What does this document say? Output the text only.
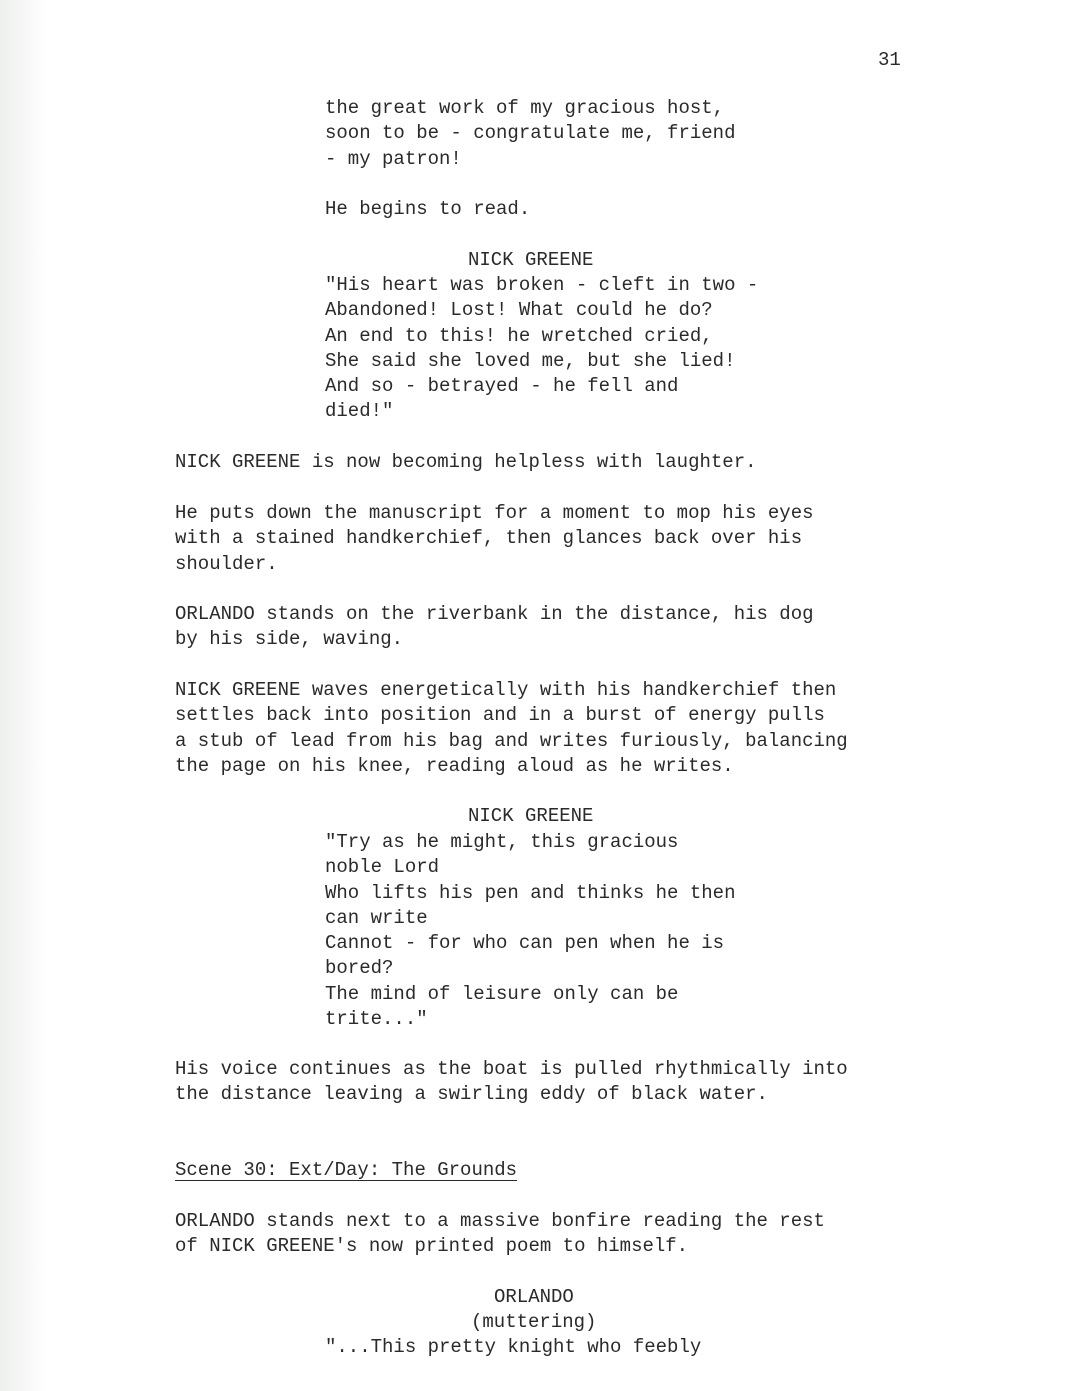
31
the great work of my gracious host,
soon to be - congratulate me, friend
- my patron!
He begins to read.
NICK GREENE
"His heart was broken - cleft in two -
Abandoned! Lost! What could he do?
An end to this! he wretched cried,
She said she loved me, but she lied!
And so - betrayed - he fell and
died!"
NICK GREENE is now becoming helpless with laughter.
He puts down the manuscript for a moment to mop his eyes
with a stained handkerchief, then glances back over his
shoulder.
ORLANDO stands on the riverbank in the distance, his dog
by his side, waving.
NICK GREENE waves energetically with his handkerchief then
settles back into position and in a burst of energy pulls
a stub of lead from his bag and writes furiously, balancing
the page on his knee, reading aloud as he writes.
NICK GREENE
"Try as he might, this gracious
noble Lord
Who lifts his pen and thinks he then
can write
Cannot - for who can pen when he is
bored?
The mind of leisure only can be
trite..."
His voice continues as the boat is pulled rhythmically into
the distance leaving a swirling eddy of black water.
Scene 30: Ext/Day: The Grounds
ORLANDO stands next to a massive bonfire reading the rest
of NICK GREENE's now printed poem to himself.
ORLANDO
(muttering)
"...This pretty knight who feebly
